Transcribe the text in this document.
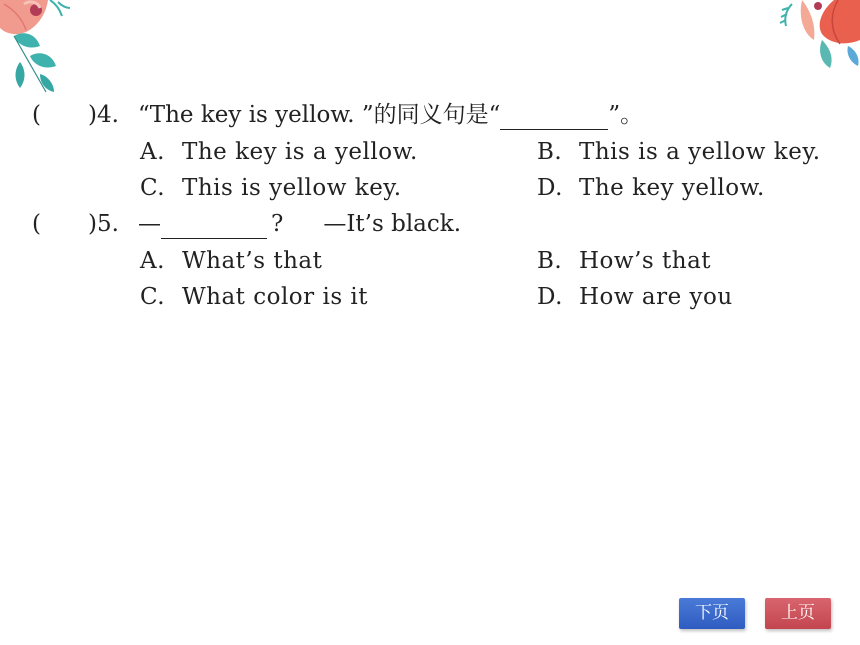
( )4. “The key is yellow. ”的同义句是“	”。
A. The key is a yellow.	B. This is a yellow key.
C. This is yellow key.	D. The key yellow.
( )5. —	? —It’s black.
A. What’s that	B. How’s that
C. What color is it	D. How are you
下页	上页
